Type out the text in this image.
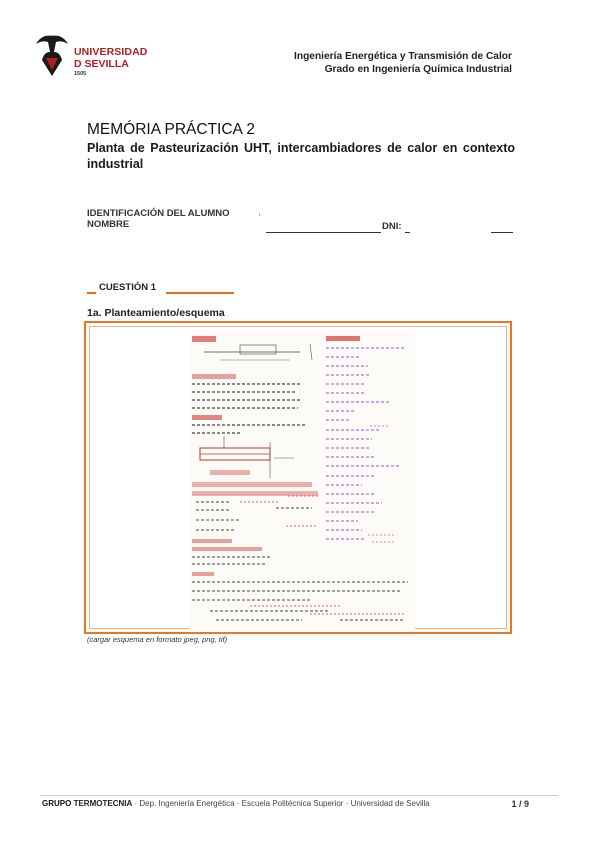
UNIVERSIDAD
D SEVILLA
1505
Ingeniería Energética y Transmisión de Calor
Grado en Ingeniería Química Industrial
MEMÓRIA PRÁCTICA 2
Planta de Pasteurización UHT, intercambiadores de calor en contexto industrial
IDENTIFICACIÓN DEL ALUMNO
NOMBRE
'
DNI:
CUESTIÓN 1
1a. Planteamiento/esquema
(cargar esquema en formato jpeg, png, tif)
GRUPO TERMOTECNIA · Dep. Ingeniería Energética · Escuela Politécnica Superior · Universidad de Sevilla	1 / 9
